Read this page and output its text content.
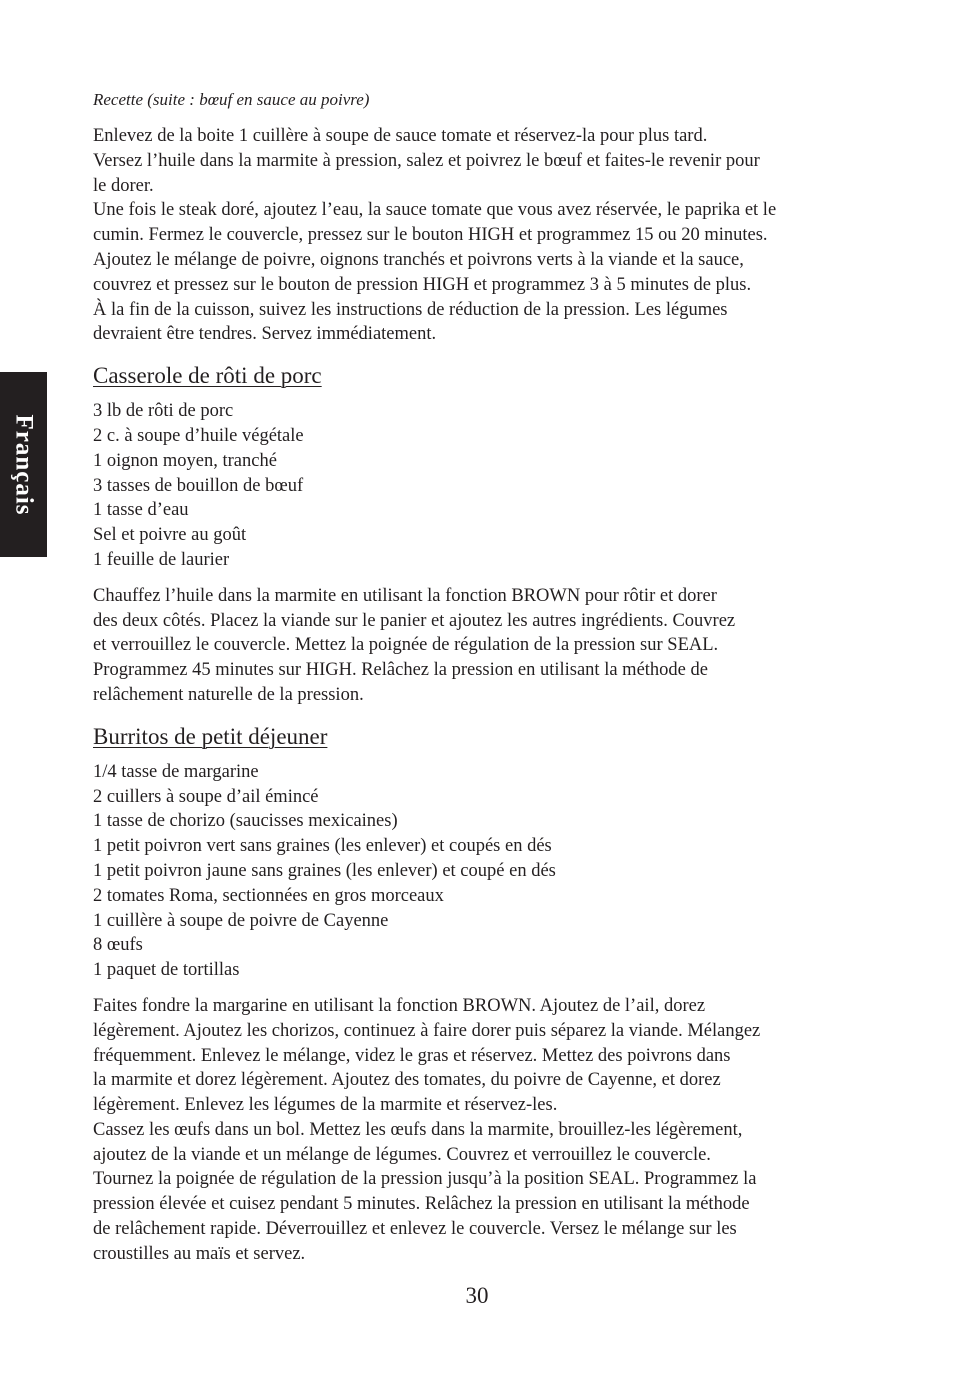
Français

Recette (suite : bœuf en sauce au poivre)

Enlevez de la boite 1 cuillère à soupe de sauce tomate et réservez-la pour plus tard.
Versez l’huile dans la marmite à pression, salez et poivrez le bœuf et faites-le revenir pour
le dorer.
Une fois le steak doré, ajoutez l’eau, la sauce tomate que vous avez réservée, le paprika et le
cumin. Fermez le couvercle, pressez sur le bouton HIGH et programmez 15 ou 20 minutes.
Ajoutez le mélange de poivre, oignons tranchés et poivrons verts à la viande et la sauce,
couvrez et pressez sur le bouton de pression HIGH et programmez 3 à 5 minutes de plus.
À la fin de la cuisson, suivez les instructions de réduction de la pression. Les légumes
devraient être tendres. Servez immédiatement.

Casserole de rôti de porc
3 lb de rôti de porc
2 c. à soupe d’huile végétale
1 oignon moyen, tranché
3 tasses de bouillon de bœuf
1 tasse d’eau
Sel et poivre au goût
1 feuille de laurier

Chauffez l’huile dans la marmite en utilisant la fonction BROWN pour rôtir et dorer
des deux côtés. Placez la viande sur le panier et ajoutez les autres ingrédients. Couvrez
et verrouillez le couvercle. Mettez la poignée de régulation de la pression sur SEAL.
Programmez 45 minutes sur HIGH. Relâchez la pression en utilisant la méthode de
relâchement naturelle de la pression.

Burritos de petit déjeuner
1/4 tasse de margarine
2 cuillers à soupe d’ail émincé
1 tasse de chorizo (saucisses mexicaines)
1 petit poivron vert sans graines (les enlever) et coupés en dés
1 petit poivron jaune sans graines (les enlever) et coupé en dés
2 tomates Roma, sectionnées en gros morceaux
1 cuillère à soupe de poivre de Cayenne
8 œufs
1 paquet de tortillas

Faites fondre la margarine en utilisant la fonction BROWN. Ajoutez de l’ail, dorez
légèrement. Ajoutez les chorizos, continuez à faire dorer puis séparez la viande. Mélangez
fréquemment. Enlevez le mélange, videz le gras et réservez. Mettez des poivrons dans
la marmite et dorez légèrement. Ajoutez des tomates, du poivre de Cayenne, et dorez
légèrement. Enlevez les légumes de la marmite et réservez-les.
Cassez les œufs dans un bol. Mettez les œufs dans la marmite, brouillez-les légèrement,
ajoutez de la viande et un mélange de légumes. Couvrez et verrouillez le couvercle.
Tournez la poignée de régulation de la pression jusqu’à la position SEAL. Programmez la
pression élevée et cuisez pendant 5 minutes. Relâchez la pression en utilisant la méthode
de relâchement rapide. Déverrouillez et enlevez le couvercle. Versez le mélange sur les
croustilles au maïs et servez.

30
